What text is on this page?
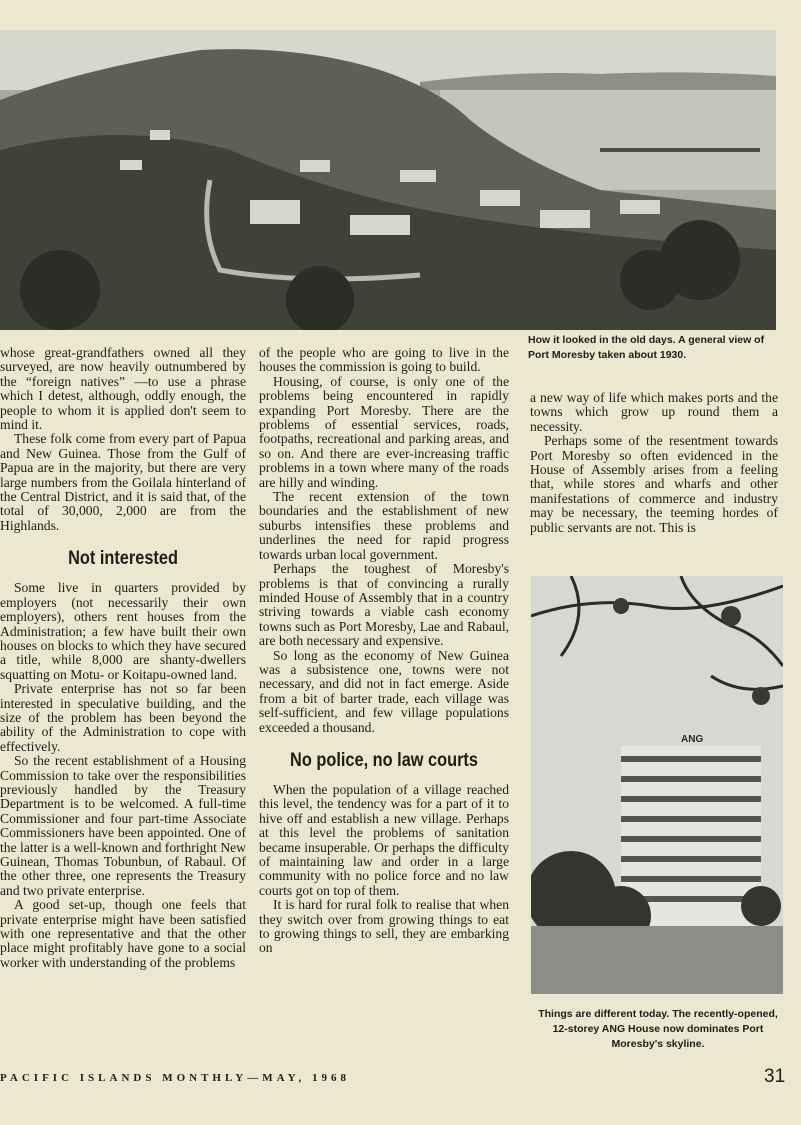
How it looked in the old days. A general view of Port Moresby taken about 1930.

whose great-grandfathers owned all they surveyed, are now heavily outnumbered by the “foreign natives” —to use a phrase which I detest, although, oddly enough, the people to whom it is applied don't seem to mind it.

These folk come from every part of Papua and New Guinea. Those from the Gulf of Papua are in the majority, but there are very large numbers from the Goilala hinterland of the Central District, and it is said that, of the total of 30,000, 2,000 are from the Highlands.

Not interested

Some live in quarters provided by employers (not necessarily their own employers), others rent houses from the Administration; a few have built their own houses on blocks to which they have secured a title, while 8,000 are shanty-dwellers squatting on Motu- or Koitapu-owned land.

Private enterprise has not so far been interested in speculative building, and the size of the problem has been beyond the ability of the Administration to cope with effectively.

So the recent establishment of a Housing Commission to take over the responsibilities previously handled by the Treasury Department is to be welcomed. A full-time Commissioner and four part-time Associate Commissioners have been appointed. One of the latter is a well-known and forthright New Guinean, Thomas Tobunbun, of Rabaul. Of the other three, one represents the Treasury and two private enterprise.

A good set-up, though one feels that private enterprise might have been satisfied with one representative and that the other place might profitably have gone to a social worker with understanding of the problems

of the people who are going to live in the houses the commission is going to build.

Housing, of course, is only one of the problems being encountered in rapidly expanding Port Moresby. There are the problems of essential services, roads, footpaths, recreational and parking areas, and so on. And there are ever-increasing traffic problems in a town where many of the roads are hilly and winding.

The recent extension of the town boundaries and the establishment of new suburbs intensifies these problems and underlines the need for rapid progress towards urban local government.

Perhaps the toughest of Moresby's problems is that of convincing a rurally minded House of Assembly that in a country striving towards a viable cash economy towns such as Port Moresby, Lae and Rabaul, are both necessary and expensive.

So long as the economy of New Guinea was a subsistence one, towns were not necessary, and did not in fact emerge. Aside from a bit of barter trade, each village was self-sufficient, and few village populations exceeded a thousand.

No police, no law courts

When the population of a village reached this level, the tendency was for a part of it to hive off and establish a new village. Perhaps at this level the problems of sanitation became insuperable. Or perhaps the difficulty of maintaining law and order in a large community with no police force and no law courts got on top of them.

It is hard for rural folk to realise that when they switch over from growing things to eat to growing things to sell, they are embarking on

a new way of life which makes ports and the towns which grow up round them a necessity.

Perhaps some of the resentment towards Port Moresby so often evidenced in the House of Assembly arises from a feeling that, while stores and wharfs and other manifestations of commerce and industry may be necessary, the teeming hordes of public servants are not. This is

ANG
Things are different today. The recently-opened, 12-storey ANG House now dominates Port Moresby's skyline.
PACIFIC ISLANDS MONTHLY—MAY, 1968	31
